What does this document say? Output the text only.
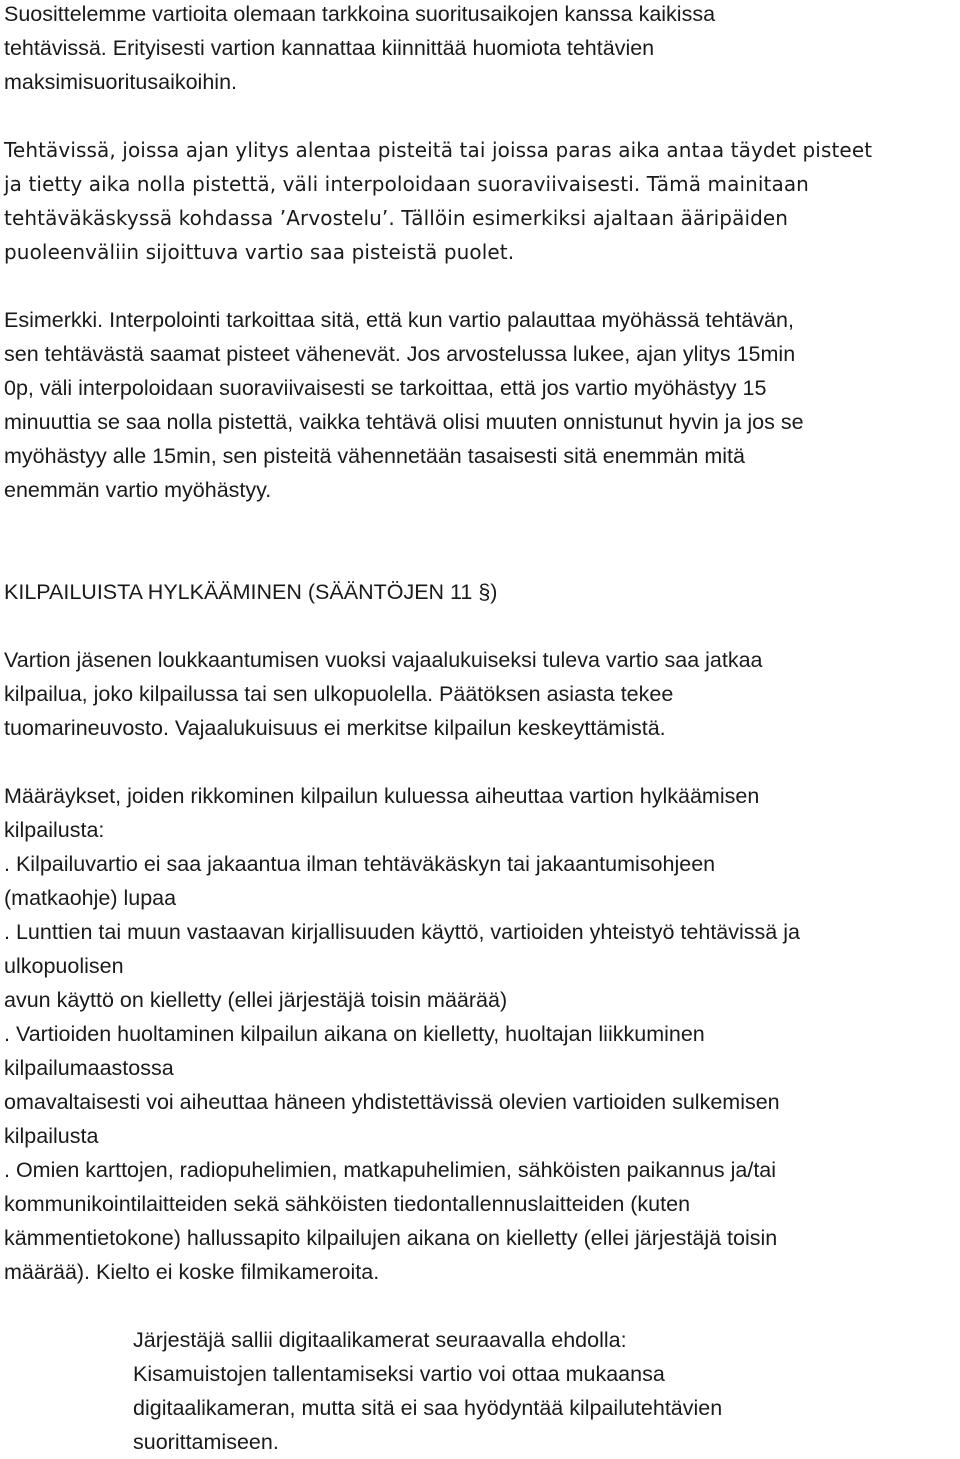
Suosittelemme vartioita olemaan tarkkoina suoritusaikojen kanssa kaikissa
tehtävissä. Erityisesti vartion kannattaa kiinnittää huomiota tehtävien
maksimisuoritusaikoihin.
Tehtävissä, joissa ajan ylitys alentaa pisteitä tai joissa paras aika antaa täydet pisteet
ja tietty aika nolla pistettä, väli interpoloidaan suoraviivaisesti. Tämä mainitaan
tehtäväkäskyssä kohdassa ’Arvostelu’. Tällöin esimerkiksi ajaltaan ääripäiden
puoleenväliin sijoittuva vartio saa pisteistä puolet.
Esimerkki. Interpolointi tarkoittaa sitä, että kun vartio palauttaa myöhässä tehtävän,
sen tehtävästä saamat pisteet vähenevät. Jos arvostelussa lukee, ajan ylitys 15min
0p, väli interpoloidaan suoraviivaisesti se tarkoittaa, että jos vartio myöhästyy 15
minuuttia se saa nolla pistettä, vaikka tehtävä olisi muuten onnistunut hyvin ja jos se
myöhästyy alle 15min, sen pisteitä vähennetään tasaisesti sitä enemmän mitä
enemmän vartio myöhästyy.
KILPAILUISTA HYLKÄÄMINEN (SÄÄNTÖJEN 11 §)
Vartion jäsenen loukkaantumisen vuoksi vajaalukuiseksi tuleva vartio saa jatkaa
kilpailua, joko kilpailussa tai sen ulkopuolella. Päätöksen asiasta tekee
tuomarineuvosto. Vajaalukuisuus ei merkitse kilpailun keskeyttämistä.
Määräykset, joiden rikkominen kilpailun kuluessa aiheuttaa vartion hylkäämisen
kilpailusta:
. Kilpailuvartio ei saa jakaantua ilman tehtäväkäskyn tai jakaantumisohjeen
(matkaohje) lupaa
. Lunttien tai muun vastaavan kirjallisuuden käyttö, vartioiden yhteistyö tehtävissä ja
ulkopuolisen
avun käyttö on kielletty (ellei järjestäjä toisin määrää)
. Vartioiden huoltaminen kilpailun aikana on kielletty, huoltajan liikkuminen
kilpailumaastossa
omavaltaisesti voi aiheuttaa häneen yhdistettävissä olevien vartioiden sulkemisen
kilpailusta
. Omien karttojen, radiopuhelimien, matkapuhelimien, sähköisten paikannus ja/tai
kommunikointilaitteiden sekä sähköisten tiedontallennuslaitteiden (kuten
kämmentietokone) hallussapito kilpailujen aikana on kielletty (ellei järjestäjä toisin
määrää). Kielto ei koske filmikameroita.
Järjestäjä sallii digitaalikamerat seuraavalla ehdolla:
Kisamuistojen tallentamiseksi vartio voi ottaa mukaansa
digitaalikameran, mutta sitä ei saa hyödyntää kilpailutehtävien
suorittamiseen.
